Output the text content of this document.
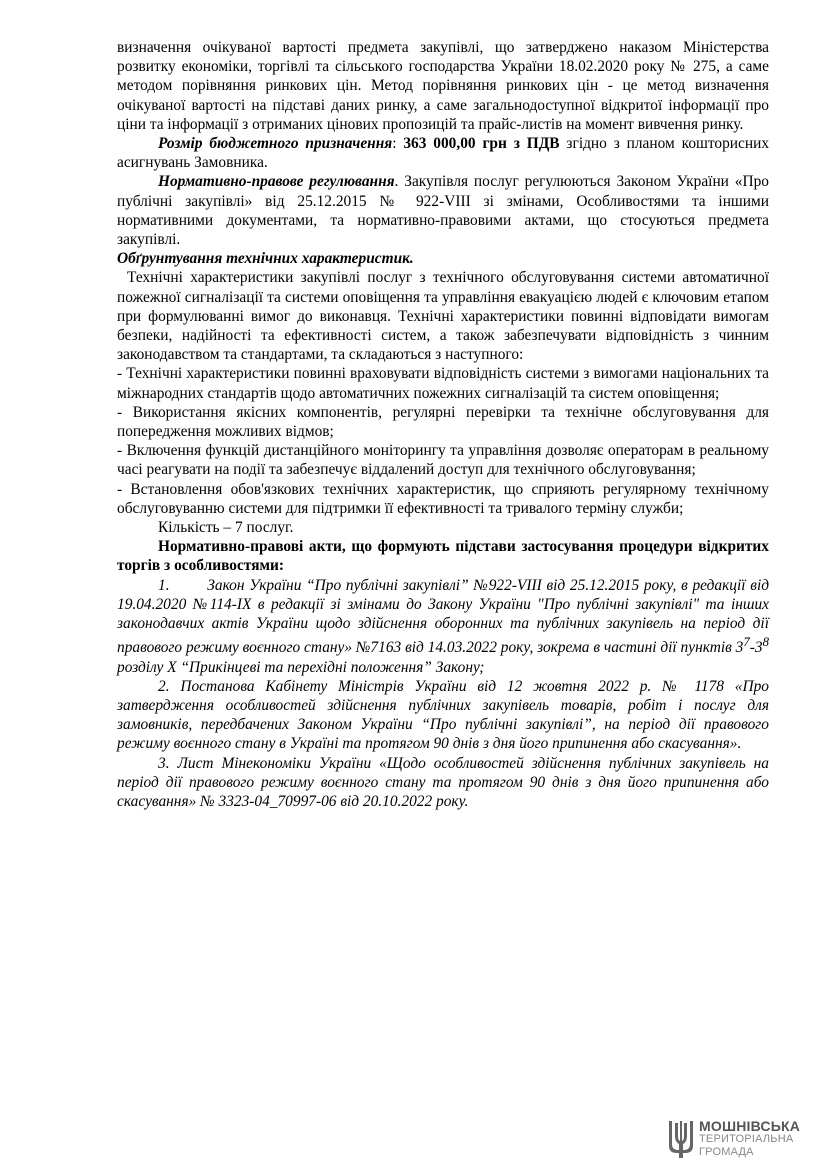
визначення очікуваної вартості предмета закупівлі, що затверджено наказом Міністерства розвитку економіки, торгівлі та сільського господарства України 18.02.2020 року № 275, а саме методом порівняння ринкових цін. Метод порівняння ринкових цін - це метод визначення очікуваної вартості на підставі даних ринку, а саме загальнодоступної відкритої інформації про ціни та інформації з отриманих цінових пропозицій та прайс-листів на момент вивчення ринку.

Розмір бюджетного призначення: 363 000,00 грн з ПДВ згідно з планом кошторисних асигнувань Замовника.

Нормативно-правове регулювання. Закупівля послуг регулюються Законом України «Про публічні закупівлі» від 25.12.2015 № 922-VIII зі змінами, Особливостями та іншими нормативними документами, та нормативно-правовими актами, що стосуються предмета закупівлі.

Обґрунтування технічних характеристик.

Технічні характеристики закупівлі послуг з технічного обслуговування системи автоматичної пожежної сигналізації та системи оповіщення та управління евакуацією людей є ключовим етапом при формулюванні вимог до виконавця. Технічні характеристики повинні відповідати вимогам безпеки, надійності та ефективності систем, а також забезпечувати відповідність з чинним законодавством та стандартами, та складаються з наступного:

- Технічні характеристики повинні враховувати відповідність системи з вимогами національних та міжнародних стандартів щодо автоматичних пожежних сигналізацій та систем оповіщення;

- Використання якісних компонентів, регулярні перевірки та технічне обслуговування для попередження можливих відмов;

- Включення функцій дистанційного моніторингу та управління дозволяє операторам в реальному часі реагувати на події та забезпечує віддалений доступ для технічного обслуговування;

- Встановлення обов'язкових технічних характеристик, що сприяють регулярному технічному обслуговуванню системи для підтримки її ефективності та тривалого терміну служби;

Кількість – 7 послуг.

Нормативно-правові акти, що формують підстави застосування процедури відкритих торгів з особливостями:

1.        Закон України “Про публічні закупівлі” №922-VIII від 25.12.2015 року, в редакції від 19.04.2020 №114-IX в редакції зі змінами до Закону України "Про публічні закупівлі" та інших законодавчих актів України щодо здійснення оборонних та публічних закупівель на період дії правового режиму воєнного стану» №7163 від 14.03.2022 року, зокрема в частині дії пунктів $3^7-3^8$ розділу X “Прикінцеві та перехідні положення” Закону;

2. Постанова Кабінету Міністрів України від 12 жовтня 2022 р. № 1178 «Про затвердження особливостей здійснення публічних закупівель товарів, робіт і послуг для замовників, передбачених Законом України “Про публічні закупівлі”, на період дії правового режиму воєнного стану в Україні та протягом 90 днів з дня його припинення або скасування».

3. Лист Мінекономіки України «Щодо особливостей здійснення публічних закупівель на період дії правового режиму воєнного стану та протягом 90 днів з дня його припинення або скасування» № 3323-04_70997-06 від 20.10.2022 року.

МОШНІВСЬКА
ТЕРИТОРІАЛЬНА
ГРОМАДА
